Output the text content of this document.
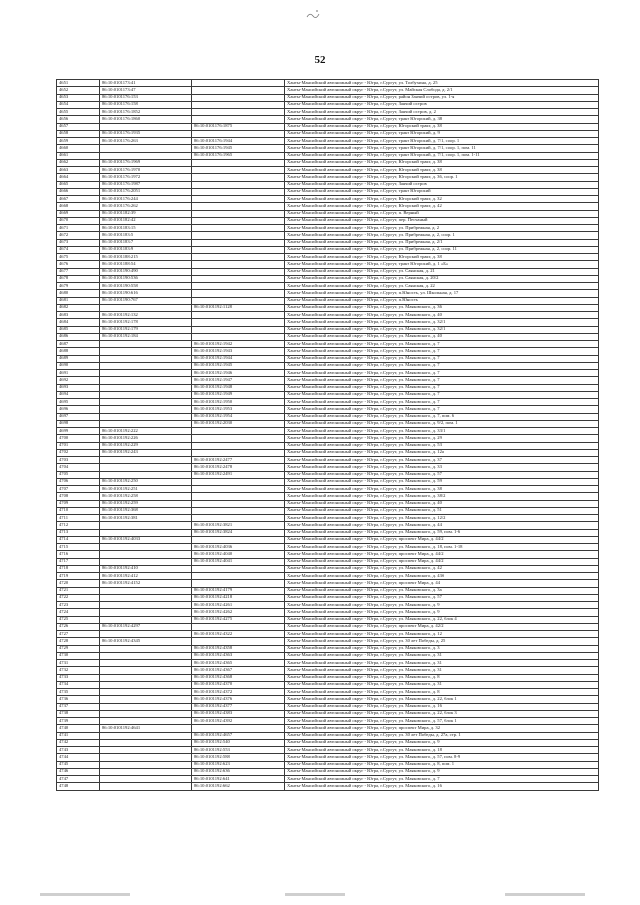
52
4651	86:10:0101173:41		Ханты-Мансийский автономный округ - Югра, г.Сургут, ул. Толбухина, д. 25
4652	86:10:0101173:47		Ханты-Мансийский автономный округ - Югра, г.Сургут, ул. Майская Слобода, д. 2/1
4653	86:10:0101176:153		Ханты-Мансийский автономный округ - Югра, г.Сургут, район Заячий остров, ул. 1-я
4654	86:10:0101176:158		Ханты-Мансийский автономный округ - Югра, г.Сургут, Заячий остров
4655	86:10:0101176:1852		Ханты-Мансийский автономный округ - Югра, г.Сургут, Заячий остров, д. 2
4656	86:10:0101176:1860		Ханты-Мансийский автономный округ - Югра, г.Сургут, тракт Югорский, д. 38
4657		86:10:0101176:1875	Ханты-Мансийский автономный округ - Югра, г.Сургут, Югорский тракт, д. 38
4658	86:10:0101176:1935		Ханты-Мансийский автономный округ - Югра, г.Сургут, тракт Югорский, д. 9
4659	86:10:0101176:263	86:10:0101176:1944	Ханты-Мансийский автономный округ - Югра, г.Сургут, тракт Югорский, д. 7/1, соор. 1
4660		86:10:0101176:1945	Ханты-Мансийский автономный округ - Югра, г.Сургут, тракт Югорский, д. 7/1, соор. 1, пом. 11
4661		86:10:0101176:1965	Ханты-Мансийский автономный округ - Югра, г.Сургут, тракт Югорский, д. 7/1, соор. 1, пом. 1-11
4662	86:10:0101176:1969		Ханты-Мансийский автономный округ - Югра, г.Сургут, Югорский тракт, д. 38
4663	86:10:0101176:1970		Ханты-Мансийский автономный округ - Югра, г.Сургут, Югорский тракт, д. 38
4664	86:10:0101176:1972		Ханты-Мансийский автономный округ - Югра, г.Сургут, Югорский тракт, д. 36, соор. 1
4665	86:10:0101176:1987		Ханты-Мансийский автономный округ - Югра, г.Сургут, Заячий остров
4666	86:10:0101176:2051		Ханты-Мансийский автономный округ - Югра, г.Сургут, тракт Югорский
4667	86:10:0101176:244		Ханты-Мансийский автономный округ - Югра, г.Сургут, Югорский тракт, д. 32
4668	86:10:0101176:262		Ханты-Мансийский автономный округ - Югра, г.Сургут, Югорский тракт, д. 42
4669	86:10:0101182:39		Ханты-Мансийский автономный округ - Югра, г.Сургут, п. Верный
4670	86:10:0101182:42		Ханты-Мансийский автономный округ - Югра, г.Сургут, пер. Песчаный
4671	86:10:0101183:15		Ханты-Мансийский автономный округ - Югра, г.Сургут, ул. Прибрежная, д. 2
4672	86:10:0101183:5		Ханты-Мансийский автономный округ - Югра, г.Сургут, ул. Прибрежная, д. 2, соор. 1
4673	86:10:0101183:7		Ханты-Мансийский автономный округ - Югра, г.Сургут, ул. Прибрежная, д. 2/1
4674	86:10:0101183:9		Ханты-Мансийский автономный округ - Югра, г.Сургут, ул. Прибрежная, д. 2, соор. 11
4675	86:10:0101188:215		Ханты-Мансийский автономный округ - Югра, г.Сургут, Югорский тракт, д. 38
4676	86:10:0101188:54		Ханты-Мансийский автономный округ - Югра, г.Сургут, тракт Югорский, д. 1 «Б»
4677	86:10:0101190:490		Ханты-Мансийский автономный округ - Югра, г.Сургут, ул. Саянская, д. 21
4678	86:10:0101190:536		Ханты-Мансийский автономный округ - Югра, г.Сургут, ул. Саянская, д. 20/2
4679	86:10:0101190:558		Ханты-Мансийский автономный округ - Югра, г.Сургут, ул. Саянская, д. 22
4680	86:10:0101190:616		Ханты-Мансийский автономный округ - Югра, г.Сургут, п.Юность, ул. Школьная, д. 17
4681	86:10:0101190:767		Ханты-Мансийский автономный округ - Югра, г.Сургут, п.Юность
4682		86:10:0101192:1128	Ханты-Мансийский автономный округ - Югра, г.Сургут, ул. Маяковского, д. 36
4683	86:10:0101192:132		Ханты-Мансийский автономный округ - Югра, г.Сургут, ул. Маяковского, д. 40
4684	86:10:0101192:178		Ханты-Мансийский автономный округ - Югра, г.Сургут, ул. Маяковского, д. 32/1
4685	86:10:0101192:179		Ханты-Мансийский автономный округ - Югра, г.Сургут, ул. Маяковского, д. 32/1
4686	86:10:0101192:184		Ханты-Мансийский автономный округ - Югра, г.Сургут, ул. Маяковского, д. 40
4687		86:10:0101192:1942	Ханты-Мансийский автономный округ - Югра, г.Сургут, ул. Маяковского, д. 7
4688		86:10:0101192:1943	Ханты-Мансийский автономный округ - Югра, г.Сургут, ул. Маяковского, д. 7
4689		86:10:0101192:1944	Ханты-Мансийский автономный округ - Югра, г.Сургут, ул. Маяковского, д. 7
4690		86:10:0101192:1945	Ханты-Мансийский автономный округ - Югра, г.Сургут, ул. Маяковского, д. 7
4691		86:10:0101192:1946	Ханты-Мансийский автономный округ - Югра, г.Сургут, ул. Маяковского, д. 7
4692		86:10:0101192:1947	Ханты-Мансийский автономный округ - Югра, г.Сургут, ул. Маяковского, д. 7
4693		86:10:0101192:1948	Ханты-Мансийский автономный округ - Югра, г.Сургут, ул. Маяковского, д. 7
4694		86:10:0101192:1949	Ханты-Мансийский автономный округ - Югра, г.Сургут, ул. Маяковского, д. 7
4695		86:10:0101192:1950	Ханты-Мансийский автономный округ - Югра, г.Сургут, ул. Маяковского, д. 7
4696		86:10:0101192:1953	Ханты-Мансийский автономный округ - Югра, г.Сургут, ул. Маяковского, д. 7
4697		86:10:0101192:1954	Ханты-Мансийский автономный округ - Югра, г.Сургут, ул. Маяковского, д. 7, пом. 6
4698		86:10:0101192:2030	Ханты-Мансийский автономный округ - Югра, г.Сургут, ул. Маяковского, д. 9/2, пом. 1
4699	86:10:0101192:222		Ханты-Мансийский автономный округ - Югра, г.Сургут, ул. Маяковского, д. 33/1
4700	86:10:0101192:226		Ханты-Мансийский автономный округ - Югра, г.Сургут, ул. Маяковского, д. 29
4701	86:10:0101192:229		Ханты-Мансийский автономный округ - Югра, г.Сургут, ул. Маяковского, д. 53
4702	86:10:0101192:243		Ханты-Мансийский автономный округ - Югра, г.Сургут, ул. Маяковского, д. 12а
4703		86:10:0101192:2477	Ханты-Мансийский автономный округ - Югра, г.Сургут, ул. Маяковского, д. 37
4704		86:10:0101192:2478	Ханты-Мансийский автономный округ - Югра, г.Сургут, ул. Маяковского, д. 33
4705		86:10:0101192:2491	Ханты-Мансийский автономный округ - Югра, г.Сургут, ул. Маяковского, д. 57
4706	86:10:0101192:250		Ханты-Мансийский автономный округ - Югра, г.Сургут, ул. Маяковского, д. 59
4707	86:10:0101192:251		Ханты-Мансийский автономный округ - Югра, г.Сургут, ул. Маяковского, д. 38
4708	86:10:0101192:258		Ханты-Мансийский автономный округ - Югра, г.Сургут, ул. Маяковского, д. 38/2
4709	86:10:0101192:259		Ханты-Мансийский автономный округ - Югра, г.Сургут, ул. Маяковского, д. 40
4710	86:10:0101192:368		Ханты-Мансийский автономный округ - Югра, г.Сургут, ул. Маяковского, д. 51
4711	86:10:0101192:381		Ханты-Мансийский автономный округ - Югра, г.Сургут, ул. Маяковского, д. 12/2
4712		86:10:0101192:3821	Ханты-Мансийский автономный округ - Югра, г.Сургут, ул. Маяковского, д. 44
4713		86:10:0101192:3824	Ханты-Мансийский автономный округ - Югра, г.Сургут, ул. Маяковского, д. 59, пом. 1-6
4714	86:10:0101192:4033		Ханты-Мансийский автономный округ - Югра, г.Сургут, проспект Мира, д. 44/2
4715		86:10:0101192:4036	Ханты-Мансийский автономный округ - Югра, г.Сургут, ул. Маяковского, д. 18, пом. 1-18
4716		86:10:0101192:4040	Ханты-Мансийский автономный округ - Югра, г.Сургут, проспект Мира, д. 44/2
4717		86:10:0101192:4041	Ханты-Мансийский автономный округ - Югра, г.Сургут, проспект Мира, д. 44/2
4718	86:10:0101192:410		Ханты-Мансийский автономный округ - Югра, г.Сургут, ул. Маяковского, д. 42
4719	86:10:0101192:412		Ханты-Мансийский автономный округ - Югра, г.Сургут, ул. Маяковского, д. 43б
4720	86:10:0101192:4152		Ханты-Мансийский автономный округ - Югра, г.Сургут, проспект Мира, д. 44
4721		86:10:0101192:4179	Ханты-Мансийский автономный округ - Югра, г.Сургут, ул. Маяковского, д. 3а
4722		86:10:0101192:4218	Ханты-Мансийский автономный округ - Югра, г.Сургут, ул. Маяковского, д. 57
4723		86:10:0101192:4261	Ханты-Мансийский автономный округ - Югра, г.Сургут, ул. Маяковского, д. 9
4724		86:10:0101192:4262	Ханты-Мансийский автономный округ - Югра, г.Сургут, ул. Маяковского, д. 9
4725		86:10:0101192:4275	Ханты-Мансийский автономный округ - Югра, г.Сургут, ул. Маяковского, д. 22, блок 4
4726	86:10:0101192:4297		Ханты-Мансийский автономный округ - Югра, г.Сургут, проспект Мира, д. 42/2
4727		86:10:0101192:4322	Ханты-Мансийский автономный округ - Югра, г.Сургут, ул. Маяковского, д. 12
4728	86:10:0101192:4345		Ханты-Мансийский автономный округ - Югра, г.Сургут, ул. 30 лет Победы, д. 25
4729		86:10:0101192:4358	Ханты-Мансийский автономный округ - Югра, г.Сургут, ул. Маяковского, д. 3
4730		86:10:0101192:4363	Ханты-Мансийский автономный округ - Югра, г.Сургут, ул. Маяковского, д. 31
4731		86:10:0101192:4365	Ханты-Мансийский автономный округ - Югра, г.Сургут, ул. Маяковского, д. 31
4732		86:10:0101192:4367	Ханты-Мансийский автономный округ - Югра, г.Сургут, ул. Маяковского, д. 31
4733		86:10:0101192:4368	Ханты-Мансийский автономный округ - Югра, г.Сургут, ул. Маяковского, д. 8
4734		86:10:0101192:4370	Ханты-Мансийский автономный округ - Югра, г.Сургут, ул. Маяковского, д. 31
4735		86:10:0101192:4372	Ханты-Мансийский автономный округ - Югра, г.Сургут, ул. Маяковского, д. 8
4736		86:10:0101192:4376	Ханты-Мансийский автономный округ - Югра, г.Сургут, ул. Маяковского, д. 22, блок 1
4737		86:10:0101192:4377	Ханты-Мансийский автономный округ - Югра, г.Сургут, ул. Маяковского, д. 16
4738		86:10:0101192:4383	Ханты-Мансийский автономный округ - Югра, г.Сургут, ул. Маяковского, д. 22, блок 3
4739		86:10:0101192:4392	Ханты-Мансийский автономный округ - Югра, г.Сургут, ул. Маяковского, д. 57, блок 1
4740	86:10:0101192:4641		Ханты-Мансийский автономный округ - Югра, г.Сургут, проспект Мира, д. 32
4741		86:10:0101192:4657	Ханты-Мансийский автономный округ - Югра, г.Сургут, ул. 30 лет Победы, д. 27а, стр. 1
4742		86:10:0101192:540	Ханты-Мансийский автономный округ - Югра, г.Сургут, ул. Маяковского, д. 9
4743		86:10:0101192:553	Ханты-Мансийский автономный округ - Югра, г.Сургут, ул. Маяковского, д. 18
4744		86:10:0101192:588	Ханты-Мансийский автономный округ - Югра, г.Сургут, ул. Маяковского, д. 57, пом. 8-9
4745		86:10:0101192:623	Ханты-Мансийский автономный округ - Югра, г.Сургут, ул. Маяковского, д. 8, пом. 1
4746		86:10:0101192:636	Ханты-Мансийский автономный округ - Югра, г.Сургут, ул. Маяковского, д. 9
4747		86:10:0101192:641	Ханты-Мансийский автономный округ - Югра, г.Сургут, ул. Маяковского, д. 7
4748		86:10:0101192:662	Ханты-Мансийский автономный округ - Югра, г.Сургут, ул. Маяковского, д. 16
